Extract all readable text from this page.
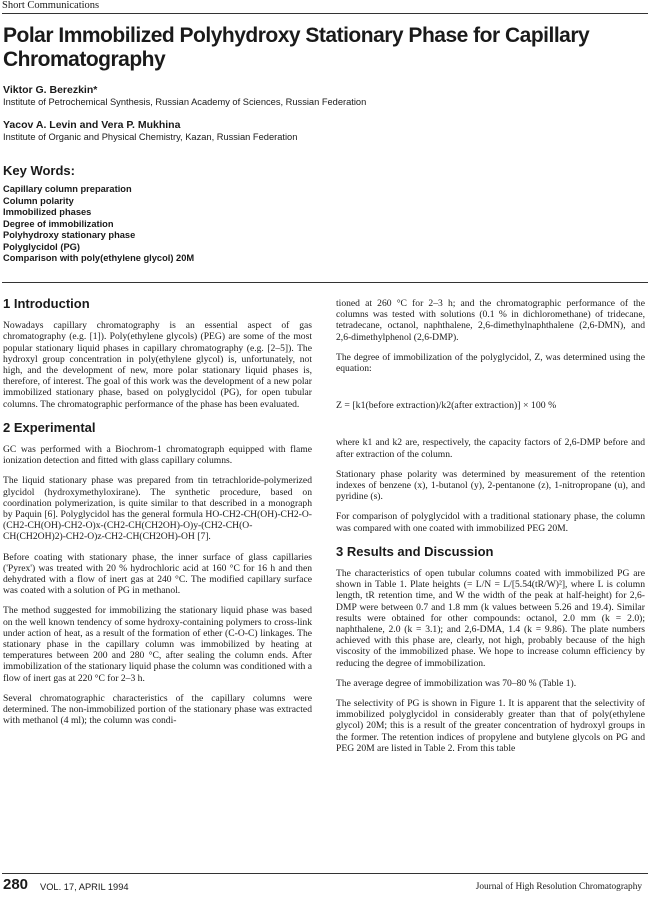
Short Communications
Polar Immobilized Polyhydroxy Stationary Phase for Capillary Chromatography
Viktor G. Berezkin*
Institute of Petrochemical Synthesis, Russian Academy of Sciences, Russian Federation
Yacov A. Levin and Vera P. Mukhina
Institute of Organic and Physical Chemistry, Kazan, Russian Federation
Key Words:
Capillary column preparation
Column polarity
Immobilized phases
Degree of immobilization
Polyhydroxy stationary phase
Polyglycidol (PG)
Comparison with poly(ethylene glycol) 20M
1 Introduction

Nowadays capillary chromatography is an essential aspect of gas chromatography (e.g. [1]). Poly(ethylene glycols) (PEG) are some of the most popular stationary liquid phases in capillary chromatography (e.g. [2–5]). The hydroxyl group concentration in poly(ethylene glycol) is, unfortunately, not high, and the development of new, more polar stationary liquid phases is, therefore, of interest. The goal of this work was the development of a new polar immobilized stationary phase, based on polyglycidol (PG), for open tubular columns. The chromatographic performance of the phase has been evaluated.

2 Experimental

GC was performed with a Biochrom-1 chromatograph equipped with flame ionization detection and fitted with glass capillary columns.

The liquid stationary phase was prepared from tin tetrachloride-polymerized glycidol (hydroxymethyloxirane). The synthetic procedure, based on coordination polymerization, is quite similar to that described in a monograph by Paquin [6]. Polyglycidol has the general formula HO-CH2-CH(OH)-CH2-O-(CH2-CH(OH)-CH2-O)x-(CH2-CH(CH2OH)-O)y-(CH2-CH(O-CH(CH2OH)2)-CH2-O)z-CH2-CH(CH2OH)-OH [7].

Before coating with stationary phase, the inner surface of glass capillaries ('Pyrex') was treated with 20 % hydrochloric acid at 160 °C for 16 h and then dehydrated with a flow of inert gas at 240 °C. The modified capillary surface was coated with a solution of PG in methanol.

The method suggested for immobilizing the stationary liquid phase was based on the well known tendency of some hydroxy-containing polymers to cross-link under action of heat, as a result of the formation of ether (C-O-C) linkages. The stationary phase in the capillary column was immobilized by heating at temperatures between 200 and 280 °C, after sealing the column ends. After immobilization of the stationary liquid phase the column was conditioned with a flow of inert gas at 220 °C for 2–3 h.

Several chromatographic characteristics of the capillary columns were determined. The non-immobilized portion of the stationary phase was extracted with methanol (4 ml); the column was condi-

tioned at 260 °C for 2–3 h; and the chromatographic performance of the columns was tested with solutions (0.1 % in dichloromethane) of tridecane, tetradecane, octanol, naphthalene, 2,6-dimethylnaphthalene (2,6-DMN), and 2,6-dimethylphenol (2,6-DMP).

The degree of immobilization of the polyglycidol, Z, was determined using the equation:

Z = [k1(before extraction)/k2(after extraction)] × 100 %

where k1 and k2 are, respectively, the capacity factors of 2,6-DMP before and after extraction of the column.

Stationary phase polarity was determined by measurement of the retention indexes of benzene (x), 1-butanol (y), 2-pentanone (z), 1-nitropropane (u), and pyridine (s).

For comparison of polyglycidol with a traditional stationary phase, the column was compared with one coated with immobilized PEG 20M.

3 Results and Discussion

The characteristics of open tubular columns coated with immobilized PG are shown in Table 1. Plate heights (= L/N = L/[5.54(tR/W)²], where L is column length, tR retention time, and W the width of the peak at half-height) for 2,6-DMP were between 0.7 and 1.8 mm (k values between 5.26 and 19.4). Similar results were obtained for other compounds: octanol, 2.0 mm (k = 2.0); naphthalene, 2.0 (k = 3.1); and 2,6-DMA, 1.4 (k = 9.86). The plate numbers achieved with this phase are, clearly, not high, probably because of the high viscosity of the immobilized phase. We hope to increase column efficiency by reducing the degree of immobilization.

The average degree of immobilization was 70–80 % (Table 1).

The selectivity of PG is shown in Figure 1. It is apparent that the selectivity of immobilized polyglycidol in considerably greater than that of poly(ethylene glycol) 20M; this is a result of the greater concentration of hydroxyl groups in the former. The retention indices of propylene and butylene glycols on PG and PEG 20M are listed in Table 2. From this table

280 VOL. 17, APRIL 1994	Journal of High Resolution Chromatography
